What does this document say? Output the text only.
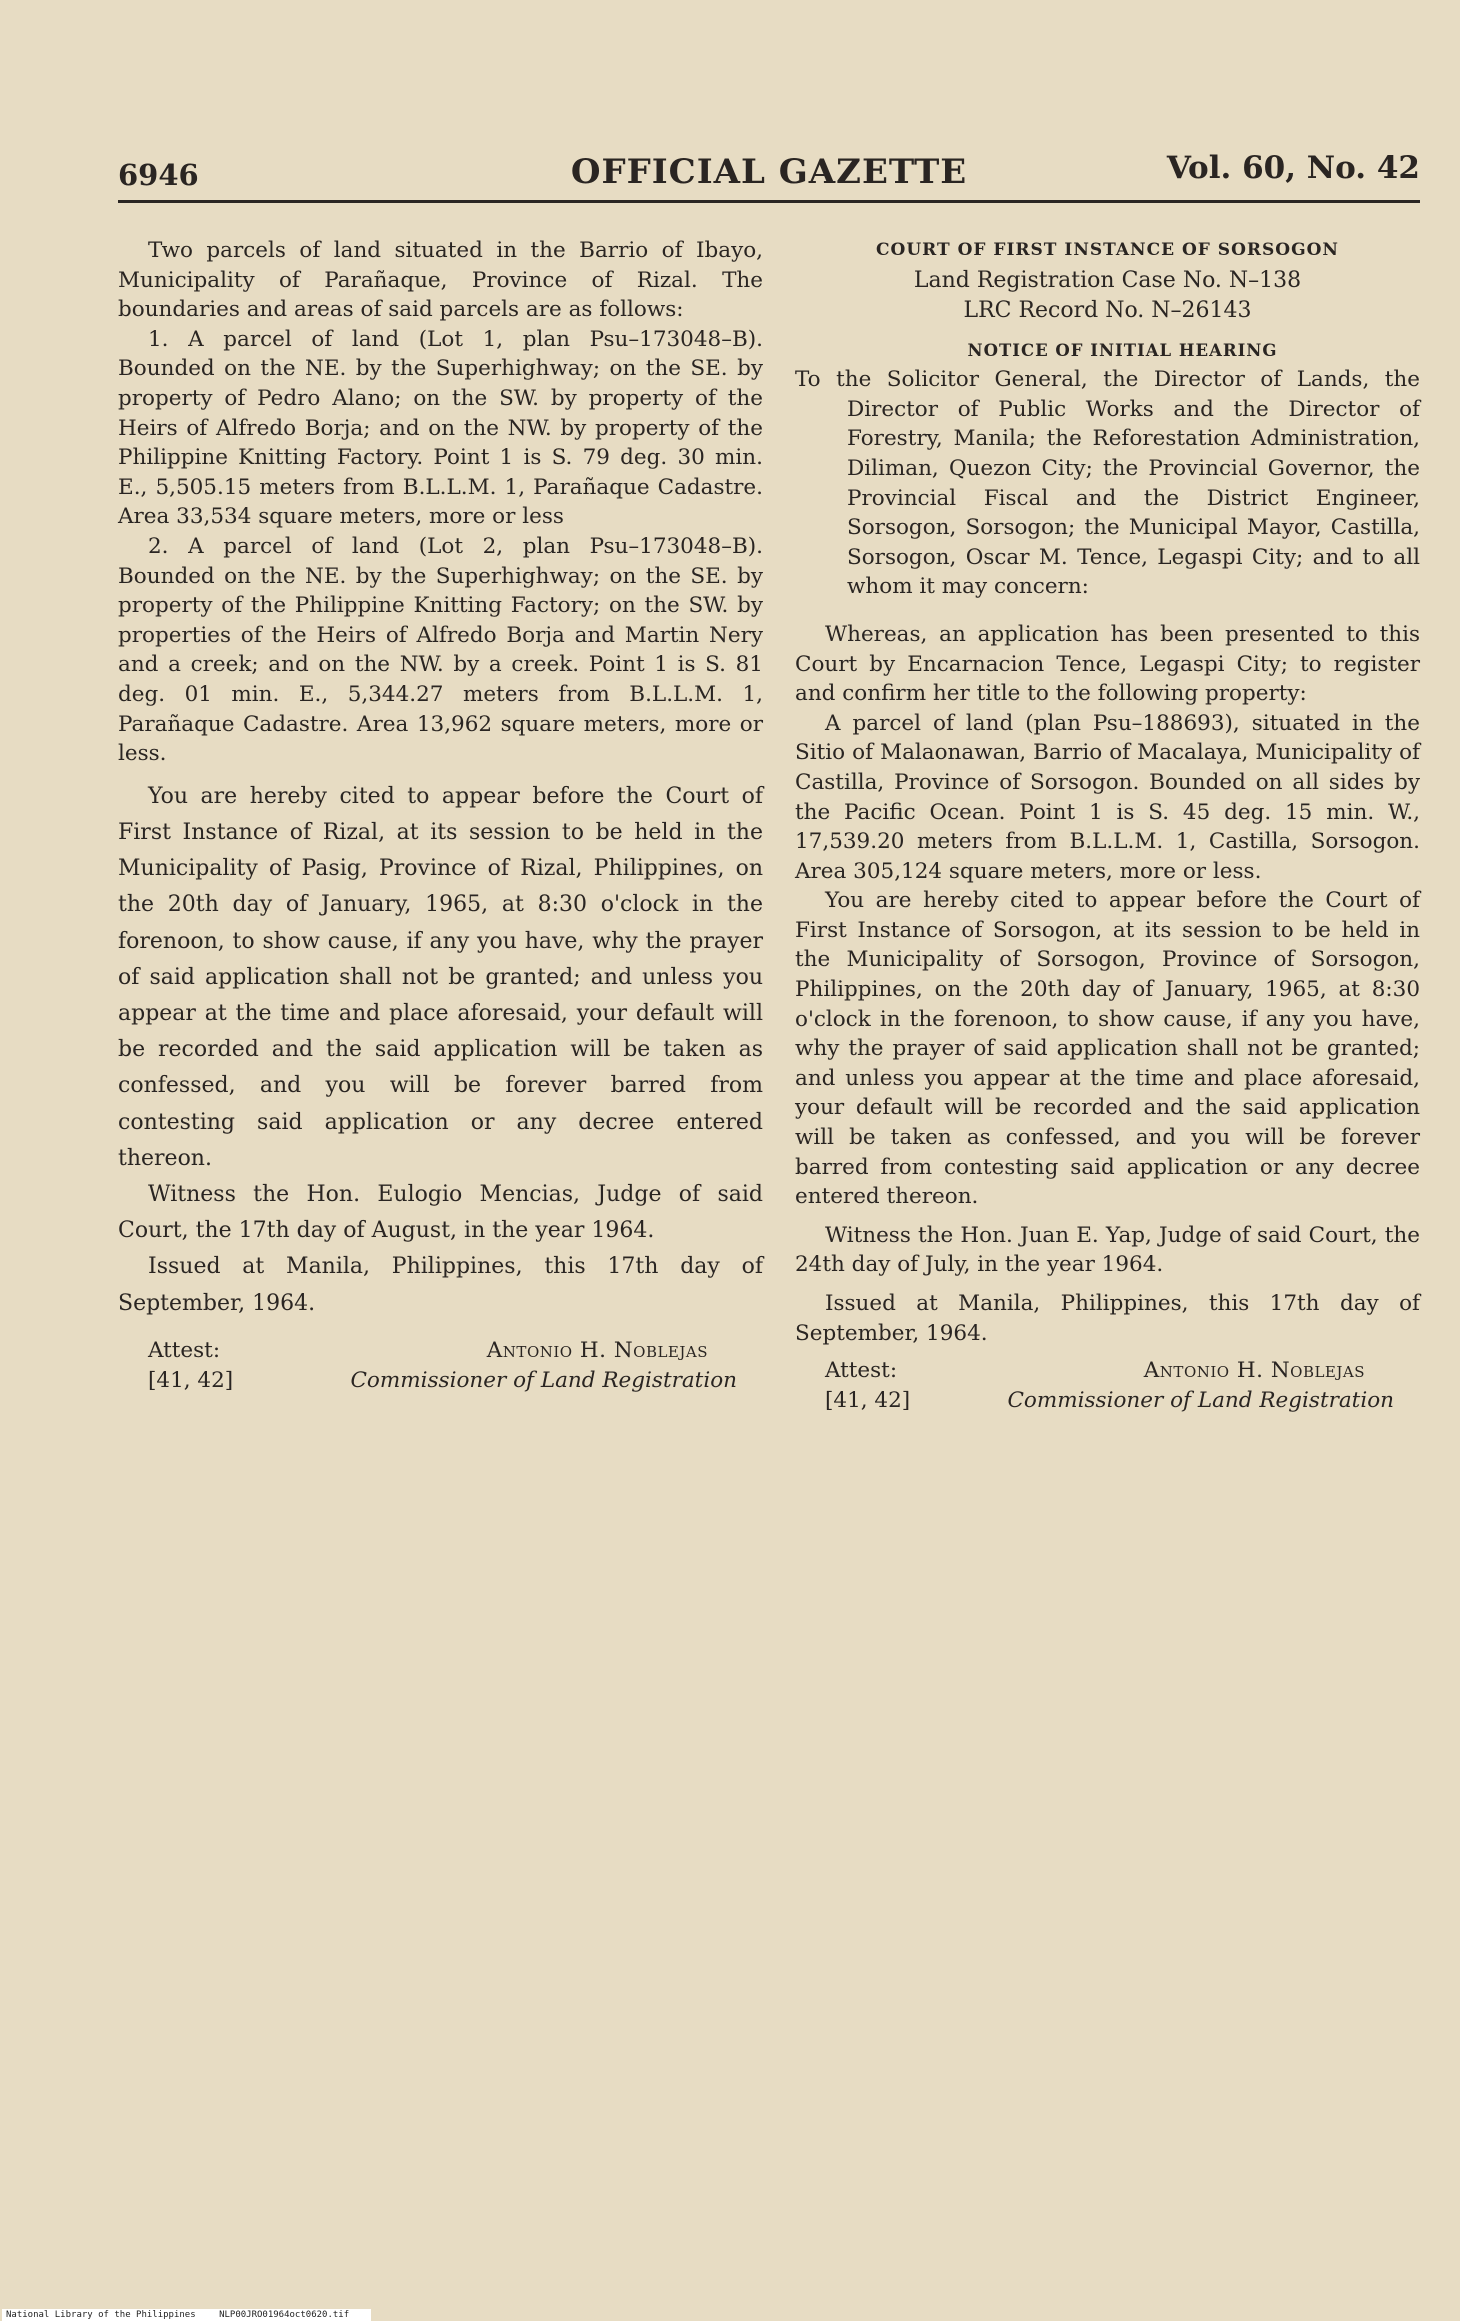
6946	OFFICIAL GAZETTE	Vol. 60, No. 42

Two parcels of land situated in the Barrio of Ibayo, Municipality of Parañaque, Province of Rizal. The boundaries and areas of said parcels are as follows:

1. A parcel of land (Lot 1, plan Psu–173048–B). Bounded on the NE. by the Superhighway; on the SE. by property of Pedro Alano; on the SW. by property of the Heirs of Alfredo Borja; and on the NW. by property of the Philippine Knitting Factory. Point 1 is S. 79 deg. 30 min. E., 5,505.15 meters from B.L.L.M. 1, Parañaque Cadastre. Area 33,534 square meters, more or less

2. A parcel of land (Lot 2, plan Psu–173048–B). Bounded on the NE. by the Superhighway; on the SE. by property of the Philippine Knitting Factory; on the SW. by properties of the Heirs of Alfredo Borja and Martin Nery and a creek; and on the NW. by a creek. Point 1 is S. 81 deg. 01 min. E., 5,344.27 meters from B.L.L.M. 1, Parañaque Cadastre. Area 13,962 square meters, more or less.

You are hereby cited to appear before the Court of First Instance of Rizal, at its session to be held in the Municipality of Pasig, Province of Rizal, Philippines, on the 20th day of January, 1965, at 8:30 o'clock in the forenoon, to show cause, if any you have, why the prayer of said application shall not be granted; and unless you appear at the time and place aforesaid, your default will be recorded and the said application will be taken as confessed, and you will be forever barred from contesting said application or any decree entered thereon.

Witness the Hon. Eulogio Mencias, Judge of said Court, the 17th day of August, in the year 1964.

Issued at Manila, Philippines, this 17th day of September, 1964.

Attest:
[41, 42]
Antonio H. Noblejas
Commissioner of Land Registration

COURT OF FIRST INSTANCE OF SORSOGON

Land Registration Case No. N–138
LRC Record No. N–26143

NOTICE OF INITIAL HEARING

To the Solicitor General, the Director of Lands, the Director of Public Works and the Director of Forestry, Manila; the Reforestation Administration, Diliman, Quezon City; the Provincial Governor, the Provincial Fiscal and the District Engineer, Sorsogon, Sorsogon; the Municipal Mayor, Castilla, Sorsogon, Oscar M. Tence, Legaspi City; and to all whom it may concern:

Whereas, an application has been presented to this Court by Encarnacion Tence, Legaspi City; to register and confirm her title to the following property:

A parcel of land (plan Psu–188693), situated in the Sitio of Malaonawan, Barrio of Macalaya, Municipality of Castilla, Province of Sorsogon. Bounded on all sides by the Pacific Ocean. Point 1 is S. 45 deg. 15 min. W., 17,539.20 meters from B.L.L.M. 1, Castilla, Sorsogon. Area 305,124 square meters, more or less.

You are hereby cited to appear before the Court of First Instance of Sorsogon, at its session to be held in the Municipality of Sorsogon, Province of Sorsogon, Philippines, on the 20th day of January, 1965, at 8:30 o'clock in the forenoon, to show cause, if any you have, why the prayer of said application shall not be granted; and unless you appear at the time and place aforesaid, your default will be recorded and the said application will be taken as confessed, and you will be forever barred from contesting said application or any decree entered thereon.

Witness the Hon. Juan E. Yap, Judge of said Court, the 24th day of July, in the year 1964.

Issued at Manila, Philippines, this 17th day of September, 1964.

Attest:
[41, 42]
Antonio H. Noblejas
Commissioner of Land Registration
National Library of the Philippines	NLP00JRO01964oct0620.tif
